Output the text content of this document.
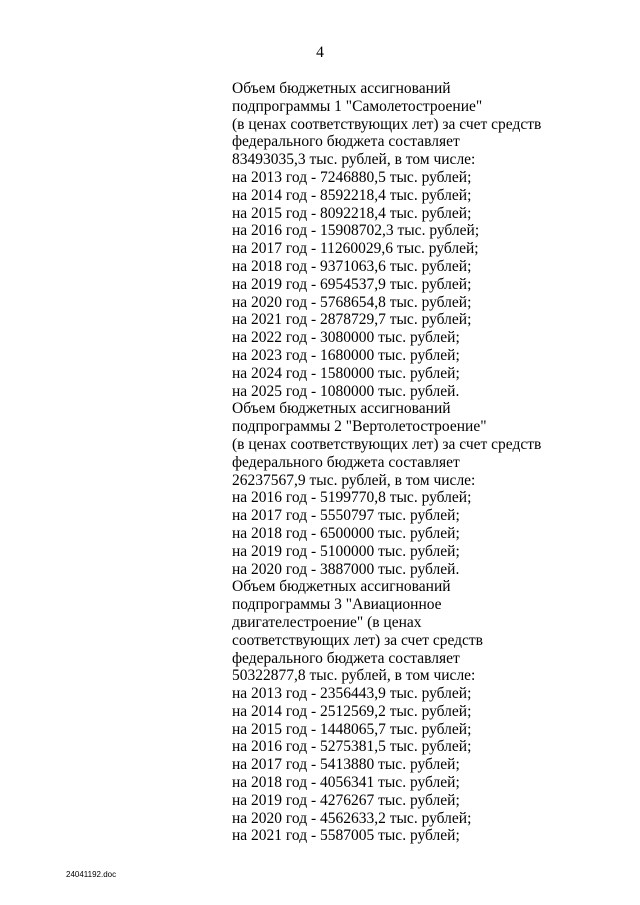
4
Объем бюджетных ассигнований
подпрограммы 1 "Самолетостроение"
(в ценах соответствующих лет) за счет средств
федерального бюджета составляет
83493035,3 тыс. рублей, в том числе:
на 2013 год - 7246880,5 тыс. рублей;
на 2014 год - 8592218,4 тыс. рублей;
на 2015 год - 8092218,4 тыс. рублей;
на 2016 год - 15908702,3 тыс. рублей;
на 2017 год - 11260029,6 тыс. рублей;
на 2018 год - 9371063,6 тыс. рублей;
на 2019 год - 6954537,9 тыс. рублей;
на 2020 год - 5768654,8 тыс. рублей;
на 2021 год - 2878729,7 тыс. рублей;
на 2022 год - 3080000 тыс. рублей;
на 2023 год - 1680000 тыс. рублей;
на 2024 год - 1580000 тыс. рублей;
на 2025 год - 1080000 тыс. рублей.
Объем бюджетных ассигнований
подпрограммы 2 "Вертолетостроение"
(в ценах соответствующих лет) за счет средств
федерального бюджета составляет
26237567,9 тыс. рублей, в том числе:
на 2016 год - 5199770,8 тыс. рублей;
на 2017 год - 5550797 тыс. рублей;
на 2018 год - 6500000 тыс. рублей;
на 2019 год - 5100000 тыс. рублей;
на 2020 год - 3887000 тыс. рублей.
Объем бюджетных ассигнований
подпрограммы 3 "Авиационное
двигателестроение" (в ценах
соответствующих лет) за счет средств
федерального бюджета составляет
50322877,8 тыс. рублей, в том числе:
на 2013 год - 2356443,9 тыс. рублей;
на 2014 год - 2512569,2 тыс. рублей;
на 2015 год - 1448065,7 тыс. рублей;
на 2016 год - 5275381,5 тыс. рублей;
на 2017 год - 5413880 тыс. рублей;
на 2018 год - 4056341 тыс. рублей;
на 2019 год - 4276267 тыс. рублей;
на 2020 год - 4562633,2 тыс. рублей;
на 2021 год - 5587005 тыс. рублей;
24041192.doc
